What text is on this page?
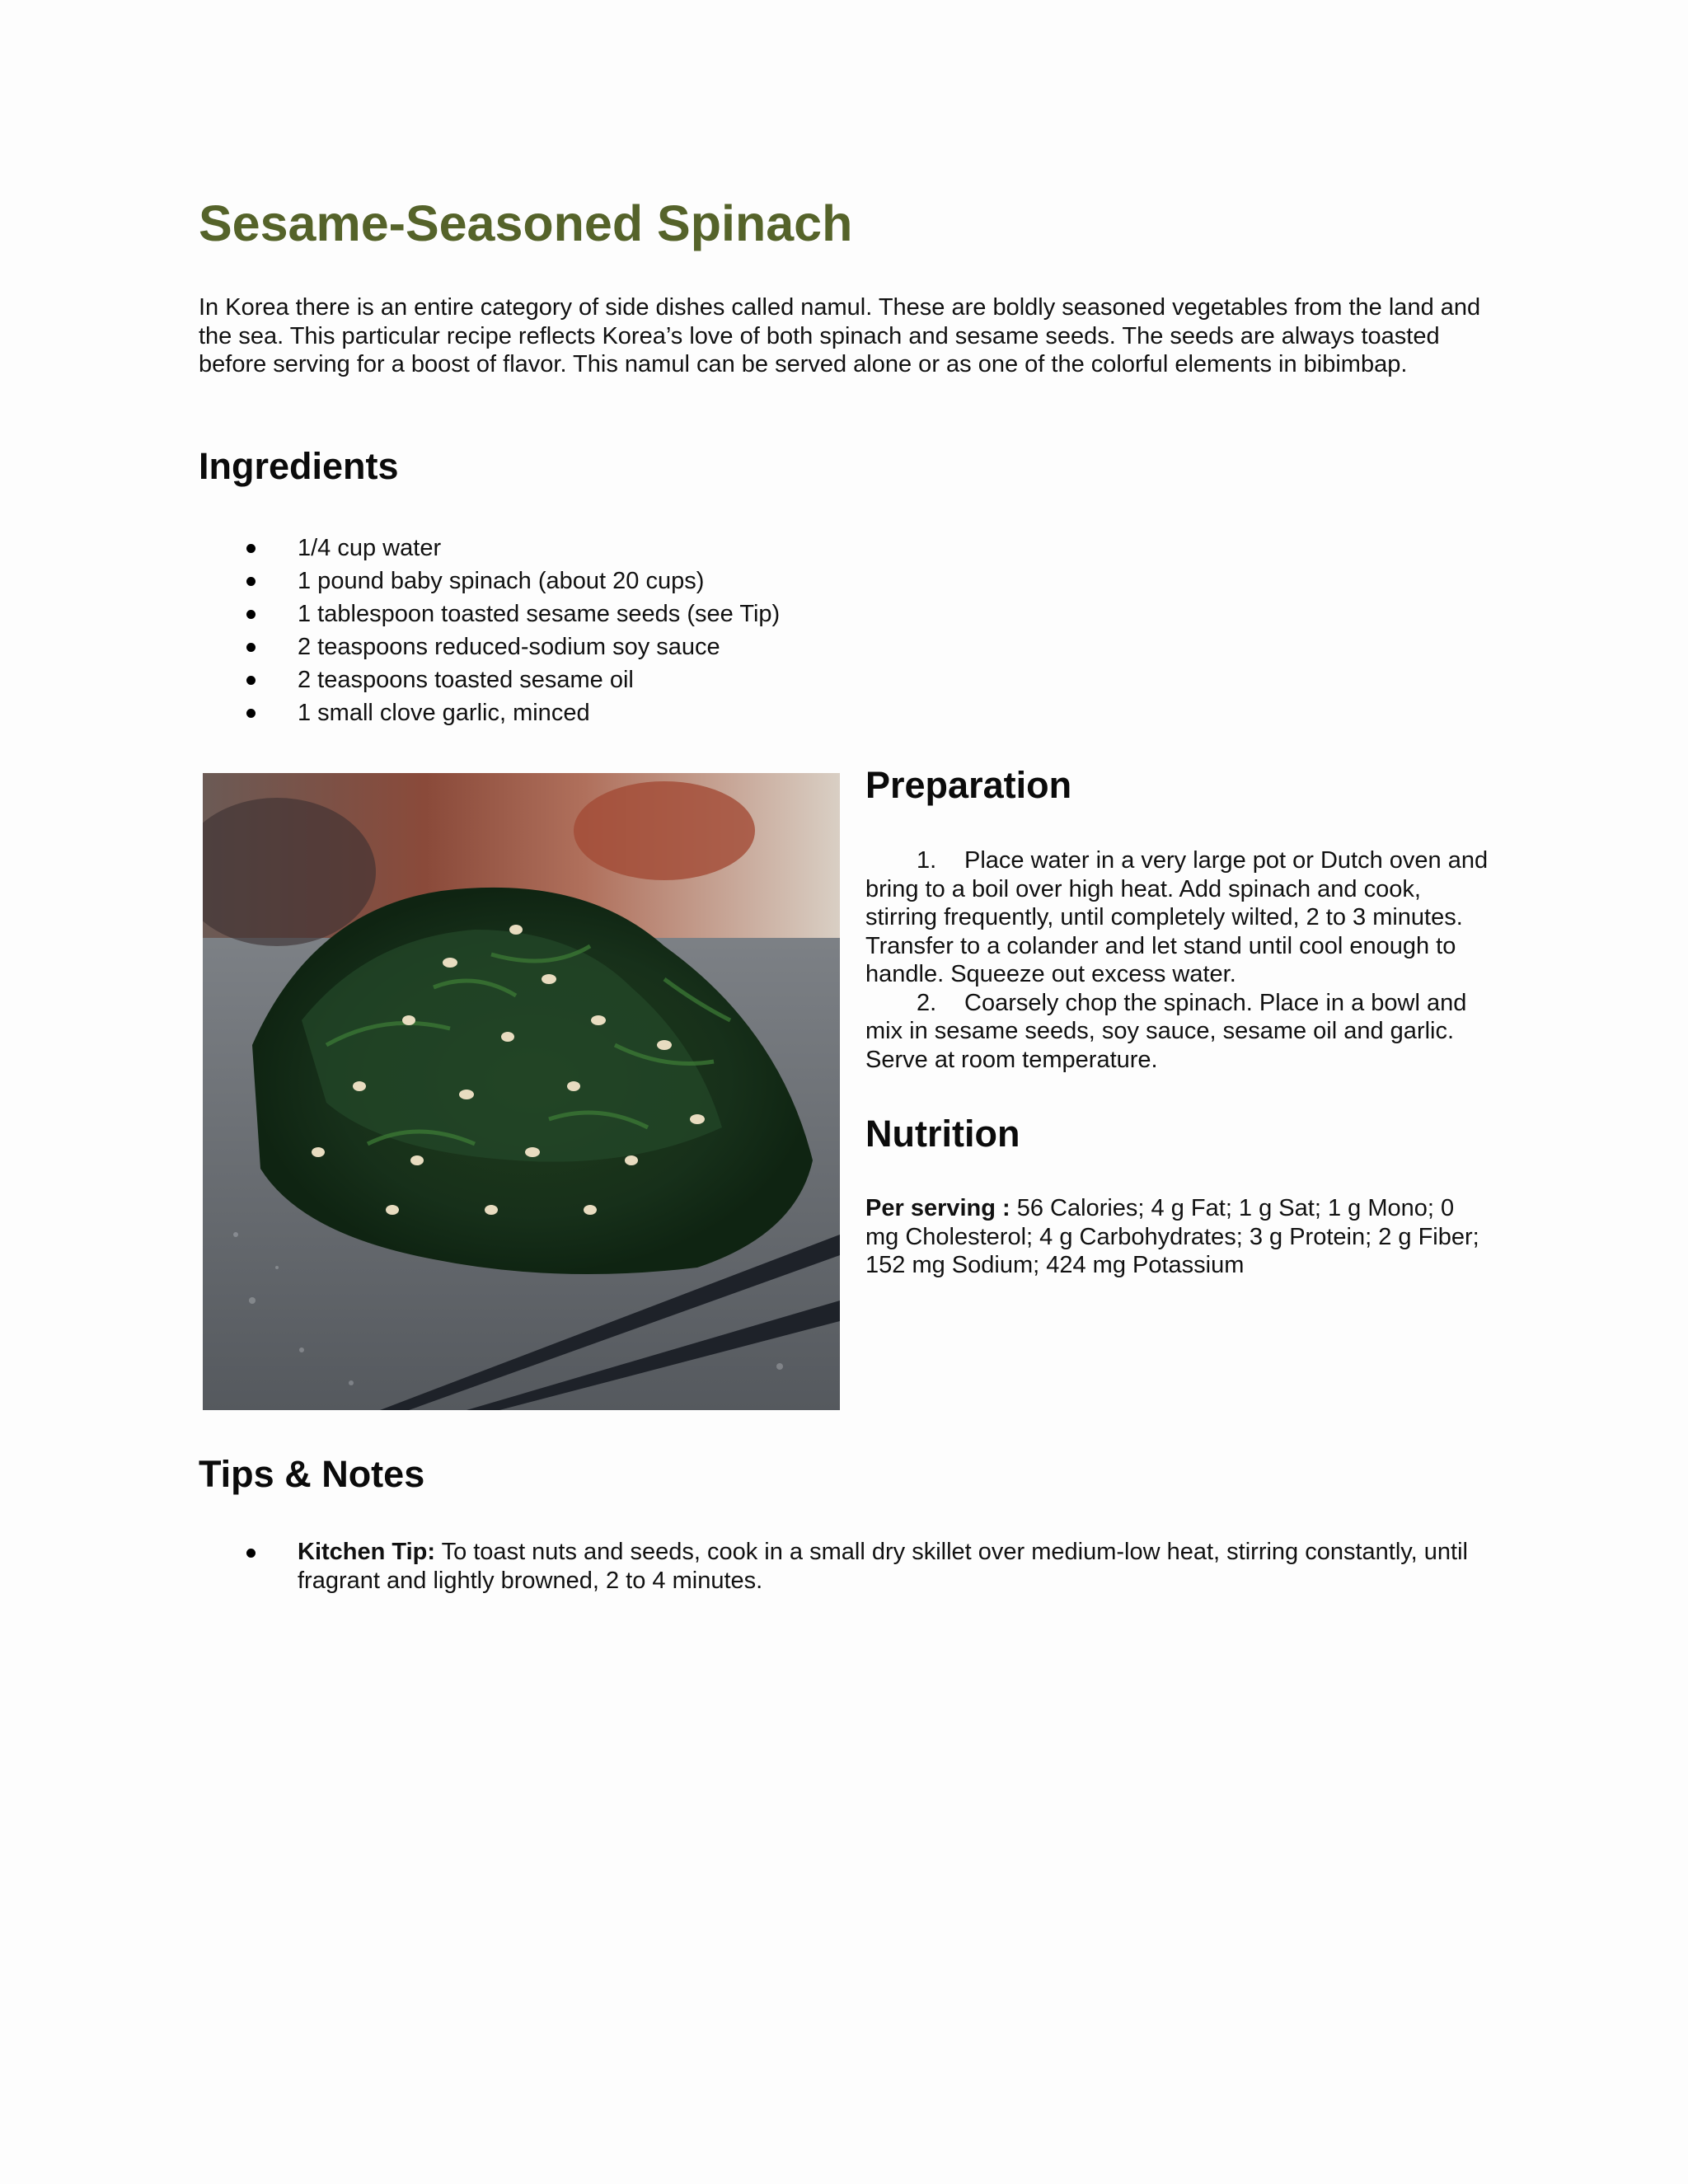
Sesame-Seasoned Spinach

In Korea there is an entire category of side dishes called namul. These are boldly seasoned vegetables from the land and the sea. This particular recipe reflects Korea’s love of both spinach and sesame seeds. The seeds are always toasted before serving for a boost of flavor. This namul can be served alone or as one of the colorful elements in bibimbap.

Ingredients
1/4 cup water
1 pound baby spinach (about 20 cups)
1 tablespoon toasted sesame seeds (see Tip)
2 teaspoons reduced-sodium soy sauce
2 teaspoons toasted sesame oil
1 small clove garlic, minced
Preparation
1. Place water in a very large pot or Dutch oven and bring to a boil over high heat. Add spinach and cook, stirring frequently, until completely wilted, 2 to 3 minutes. Transfer to a colander and let stand until cool enough to handle. Squeeze out excess water.
2. Coarsely chop the spinach. Place in a bowl and mix in sesame seeds, soy sauce, sesame oil and garlic. Serve at room temperature.
Nutrition

Per serving : 56 Calories; 4 g Fat; 1 g Sat; 1 g Mono; 0 mg Cholesterol; 4 g Carbohydrates; 3 g Protein; 2 g Fiber; 152 mg Sodium; 424 mg Potassium

Tips & Notes
Kitchen Tip: To toast nuts and seeds, cook in a small dry skillet over medium-low heat, stirring constantly, until fragrant and lightly browned, 2 to 4 minutes.
